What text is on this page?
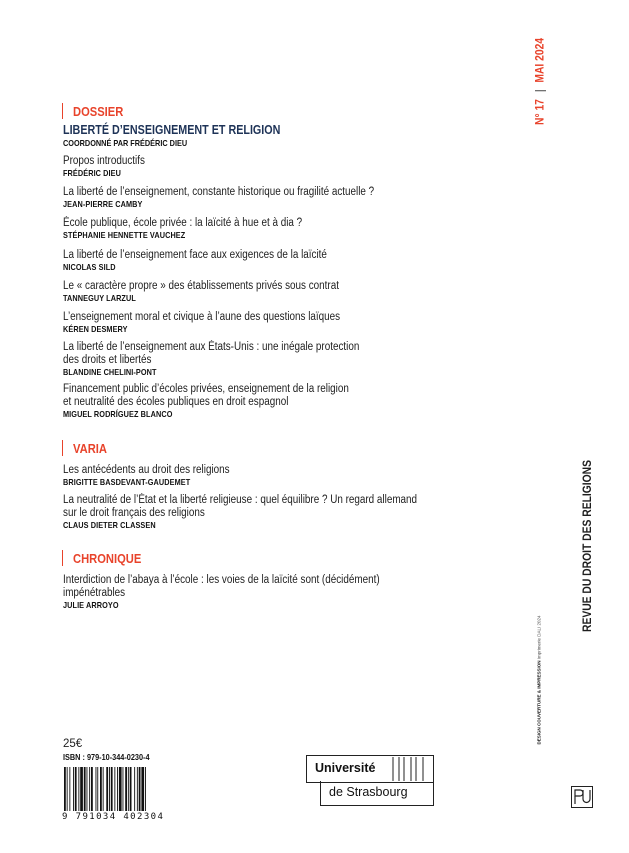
N° 17|MAI 2024
DOSSIER
LIBERTÉ D’ENSEIGNEMENT ET RELIGION
COORDONNÉ PAR FRÉDÉRIC DIEU
Propos introductifs
FRÉDÉRIC DIEU
La liberté de l’enseignement, constante historique ou fragilité actuelle ?
JEAN-PIERRE CAMBY
École publique, école privée : la laïcité à hue et à dia ?
STÉPHANIE HENNETTE VAUCHEZ
La liberté de l’enseignement face aux exigences de la laïcité
NICOLAS SILD
Le « caractère propre » des établissements privés sous contrat
TANNEGUY LARZUL
L’enseignement moral et civique à l’aune des questions laïques
KÉREN DESMERY
La liberté de l’enseignement aux États-Unis : une inégale protection
des droits et libertés
BLANDINE CHELINI-PONT
Financement public d’écoles privées, enseignement de la religion
et neutralité des écoles publiques en droit espagnol
MIGUEL RODRÍGUEZ BLANCO
VARIA
Les antécédents au droit des religions
BRIGITTE BASDEVANT-GAUDEMET
La neutralité de l’État et la liberté religieuse : quel équilibre ? Un regard allemand
sur le droit français des religions
CLAUS DIETER CLASSEN
CHRONIQUE
Interdiction de l’abaya à l’école : les voies de la laïcité sont (décidément)
impénétrables
JULIE ARROYO	REVUE DU DROIT DES RELIGIONS
DESIGN COUVERTURE & IMPRESSION Imprimerie DALI 2024
25€
ISBN : 979-10-344-0230-4
9 791034 402304
Université
de Strasbourg
